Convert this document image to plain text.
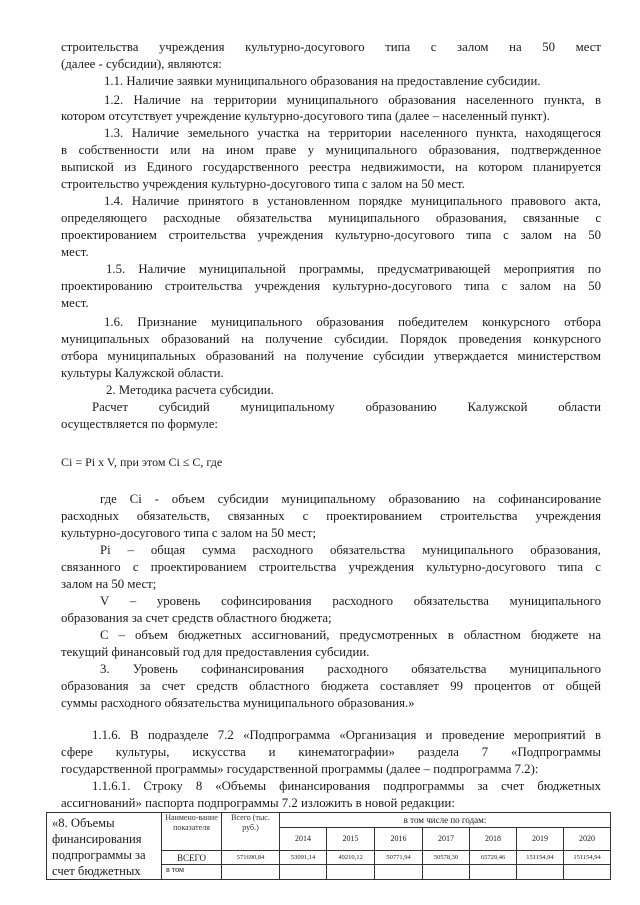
строительства учреждения культурно-досугового типа с залом на 50 мест
(далее - субсидии), являются:
1.1. Наличие заявки муниципального образования на предоставление субсидии.
1.2. Наличие на территории муниципального образования населенного пункта, в
котором отсутствует учреждение культурно-досугового типа (далее – населенный пункт).
1.3. Наличие земельного участка на территории населенного пункта, находящегося
в собственности или на ином праве у муниципального образования, подтвержденное
выпиской из Единого государственного реестра недвижимости, на котором планируется
строительство учреждения культурно-досугового типа с залом на 50 мест.
1.4. Наличие принятого в установленном порядке муниципального правового акта,
определяющего расходные обязательства муниципального образования, связанные с
проектированием строительства учреждения культурно-досугового типа с залом на 50
мест.
1.5. Наличие муниципальной программы, предусматривающей мероприятия по
проектированию строительства учреждения культурно-досугового типа с залом на 50
мест.
1.6. Признание муниципального образования победителем конкурсного отбора
муниципальных образований на получение субсидии. Порядок проведения конкурсного
отбора муниципальных образований на получение субсидии утверждается министерством
культуры Калужской области.
2. Методика расчета субсидии.
Расчет субсидий муниципальному образованию Калужской области
осуществляется по формуле:
Ci = Pi x V, при этом Ci ≤ C, где
где Ci - объем субсидии муниципальному образованию на софинансирование
расходных обязательств, связанных с проектированием строительства учреждения
культурно-досугового типа с залом на 50 мест;
Pi – общая сумма расходного обязательства муниципального образования,
связанного с проектированием строительства учреждения культурно-досугового типа с
залом на 50 мест;
V – уровень софинсирования расходного обязательства муниципального
образования за счет средств областного бюджета;
C – объем бюджетных ассигнований, предусмотренных в областном бюджете на
текущий финансовый год для предоставления субсидии.
3. Уровень софинансирования расходного обязательства муниципального
образования за счет средств областного бюджета составляет 99 процентов от общей
суммы расходного обязательства муниципального образования.»
1.1.6. В подразделе 7.2 «Подпрограмма «Организация и проведение мероприятий в
сфере культуры, искусства и кинематографии» раздела 7 «Подпрограммы
государственной программы» государственной программы (далее – подпрограмма 7.2):
1.1.6.1. Строку 8 «Объемы финансирования подпрограммы за счет бюджетных
ассигнований» паспорта подпрограммы 7.2 изложить в новой редакции:
«8. Объемы
финансирования
подпрограммы за
счет бюджетных	Наимено-вание показателя	Всего (тыс. руб.)	в том числе по годам:						
			2014	2015	2016	2017	2018	2019	2020
	ВСЕГО	571690,84	53091,14	49210,12	50771,94	50578,30	65729,46	151154,94	151154,94
	в том								
